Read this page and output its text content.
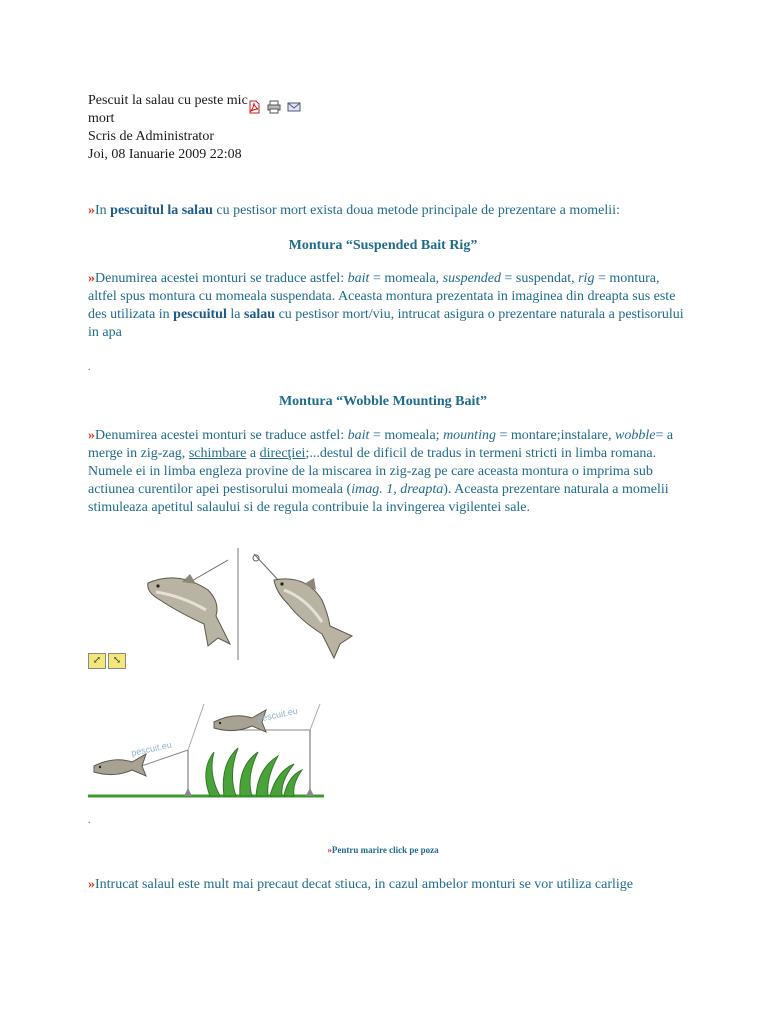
Pescuit la salau cu peste mic mort
Scris de Administrator
Joi, 08 Ianuarie 2009 22:08
»In pescuitul la salau cu pestisor mort exista doua metode principale de prezentare a momelii:
Montura “Suspended Bait Rig”
»Denumirea acestei monturi se traduce astfel: bait = momeala, suspended = suspendat, rig = montura, altfel spus montura cu momeala suspendata. Aceasta montura prezentata in imaginea din dreapta sus este des utilizata in pescuitul la salau cu pestisor mort/viu, intrucat asigura o prezentare naturala a pestisorului in apa
.
Montura “Wobble Mounting Bait”
»Denumirea acestei monturi se traduce astfel: bait = momeala; mounting = montare;instalare, wobble= a merge in zig-zag, schimbare a direcţiei;...destul de dificil de tradus in termeni stricti in limba romana. Numele ei in limba engleza provine de la miscarea in zig-zag pe care aceasta montura o imprima sub actiunea curentilor apei pestisorului momeala (imag. 1, dreapta). Aceasta prezentare naturala a momelii stimuleaza apetitul salaului si de regula contribuie la invingerea vigilentei sale.
⤢	⤡
pescuit.eu
pescuit.eu
.
»Pentru marire click pe poza
»Intrucat salaul este mult mai precaut decat stiuca, in cazul ambelor monturi se vor utiliza carlige
